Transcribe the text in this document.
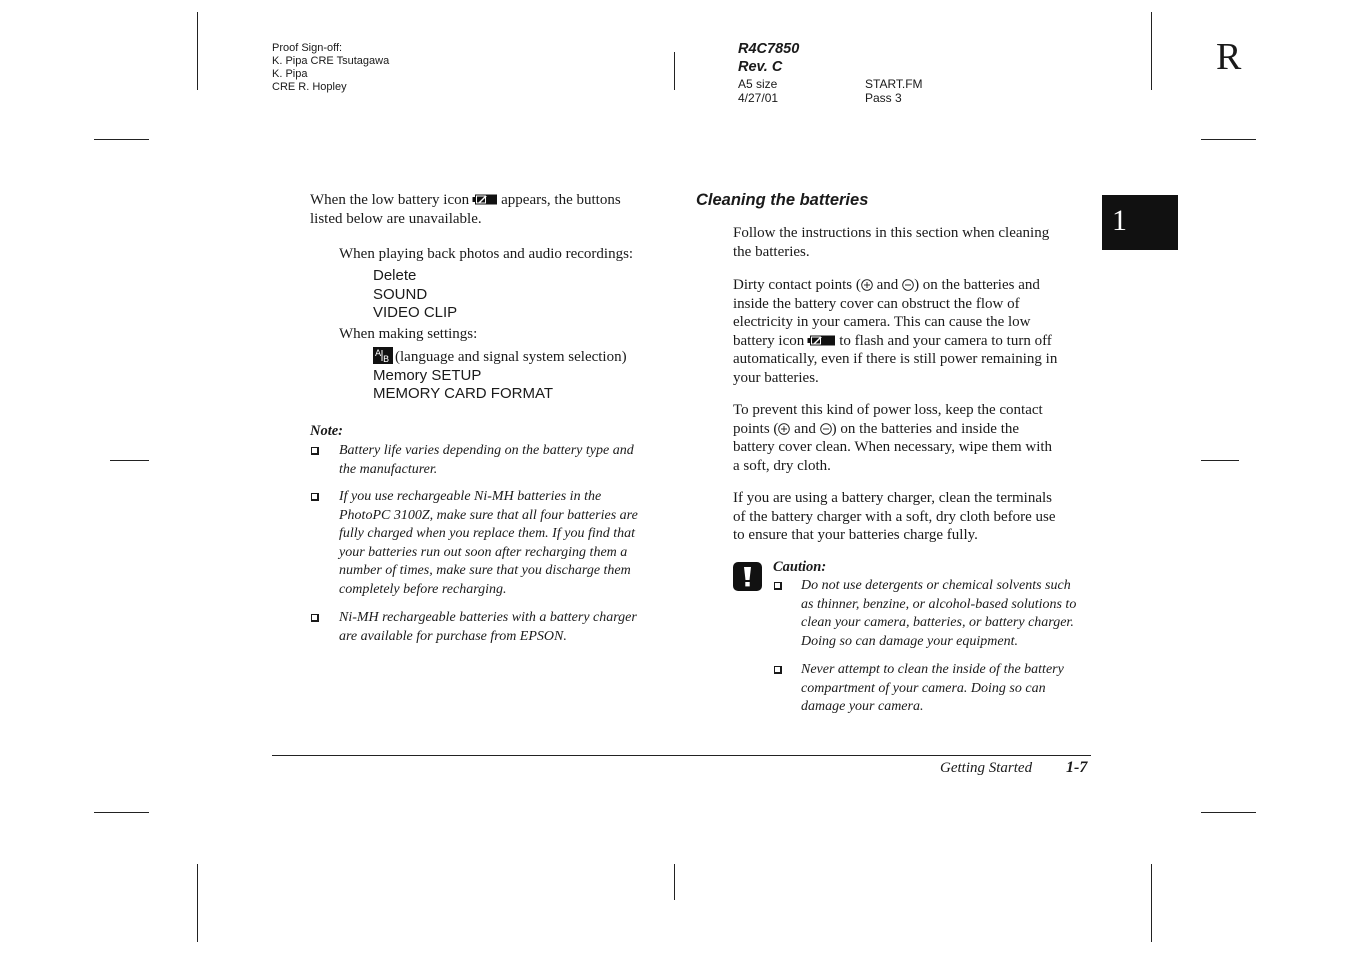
Proof Sign-off:
K. Pipa CRE Tsutagawa
K. Pipa
CRE R. Hopley
R4C7850
Rev. C
A5 size
4/27/01
START.FM
Pass 3
R
1
When the low battery icon appears, the buttons
listed below are unavailable.
When playing back photos and audio recordings:
Delete
SOUND
VIDEO CLIP
When making settings:
A
B (language and signal system selection)
Memory SETUP
MEMORY CARD FORMAT
Note:
Battery life varies depending on the battery type and
the manufacturer.
If you use rechargeable Ni-MH batteries in the
PhotoPC 3100Z, make sure that all four batteries are
fully charged when you replace them. If you find that
your batteries run out soon after recharging them a
number of times, make sure that you discharge them
completely before recharging.
Ni-MH rechargeable batteries with a battery charger
are available for purchase from EPSON.
Cleaning the batteries
Follow the instructions in this section when cleaning
the batteries.
Dirty contact points ( and ) on the batteries and
inside the battery cover can obstruct the flow of
electricity in your camera. This can cause the low
battery icon to flash and your camera to turn off
automatically, even if there is still power remaining in
your batteries.
To prevent this kind of power loss, keep the contact
points ( and ) on the batteries and inside the
battery cover clean. When necessary, wipe them with
a soft, dry cloth.
If you are using a battery charger, clean the terminals
of the battery charger with a soft, dry cloth before use
to ensure that your batteries charge fully.
Caution:
Do not use detergents or chemical solvents such
as thinner, benzine, or alcohol-based solutions to
clean your camera, batteries, or battery charger.
Doing so can damage your equipment.
Never attempt to clean the inside of the battery
compartment of your camera. Doing so can
damage your camera.
Getting Started 1-7
